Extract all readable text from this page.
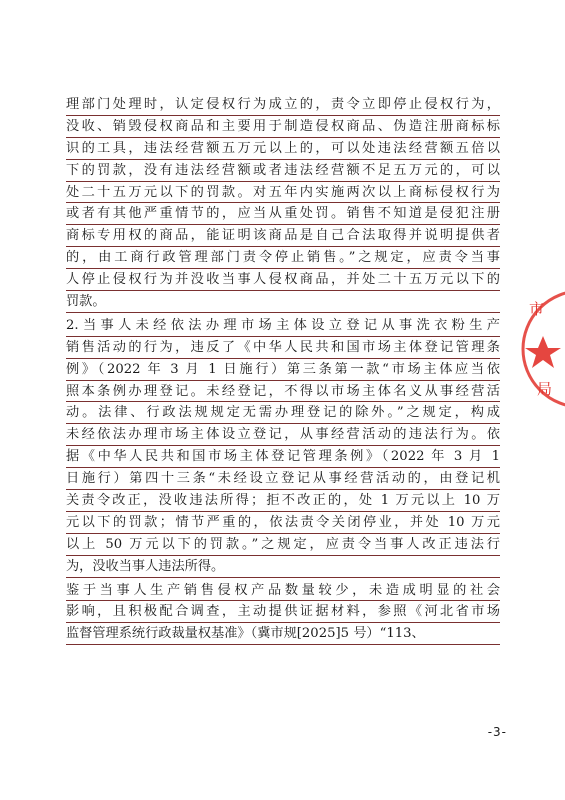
理部门处理时，认定侵权行为成立的，责令立即停止侵权行为，
没收、销毁侵权商品和主要用于制造侵权商品、伪造注册商标标
识的工具，违法经营额五万元以上的，可以处违法经营额五倍以
下的罚款，没有违法经营额或者违法经营额不足五万元的，可以
处二十五万元以下的罚款。对五年内实施两次以上商标侵权行为
或者有其他严重情节的，应当从重处罚。销售不知道是侵犯注册
商标专用权的商品，能证明该商品是自己合法取得并说明提供者
的，由工商行政管理部门责令停止销售。”之规定，应责令当事
人停止侵权行为并没收当事人侵权商品，并处二十五万元以下的
罚款。
2.当事人未经依法办理市场主体设立登记从事洗衣粉生产
销售活动的行为，违反了《中华人民共和国市场主体登记管理条
例》（2022 年 3 月 1 日施行）第三条第一款“市场主体应当依
照本条例办理登记。未经登记，不得以市场主体名义从事经营活
动。法律、行政法规规定无需办理登记的除外。”之规定，构成
未经依法办理市场主体设立登记，从事经营活动的违法行为。依
据《中华人民共和国市场主体登记管理条例》（2022 年 3 月 1
日施行）第四十三条“未经设立登记从事经营活动的，由登记机
关责令改正，没收违法所得；拒不改正的，处 1 万元以上 10 万
元以下的罚款；情节严重的，依法责令关闭停业，并处 10 万元
以上 50 万元以下的罚款。”之规定，应责令当事人改正违法行
为，没收当事人违法所得。
鉴于当事人生产销售侵权产品数量较少，未造成明显的社会
影响，且积极配合调查，主动提供证据材料，参照《河北省市场
监督管理系统行政裁量权基准》（冀市规[2025]5 号）“113、
市
局
-3-
